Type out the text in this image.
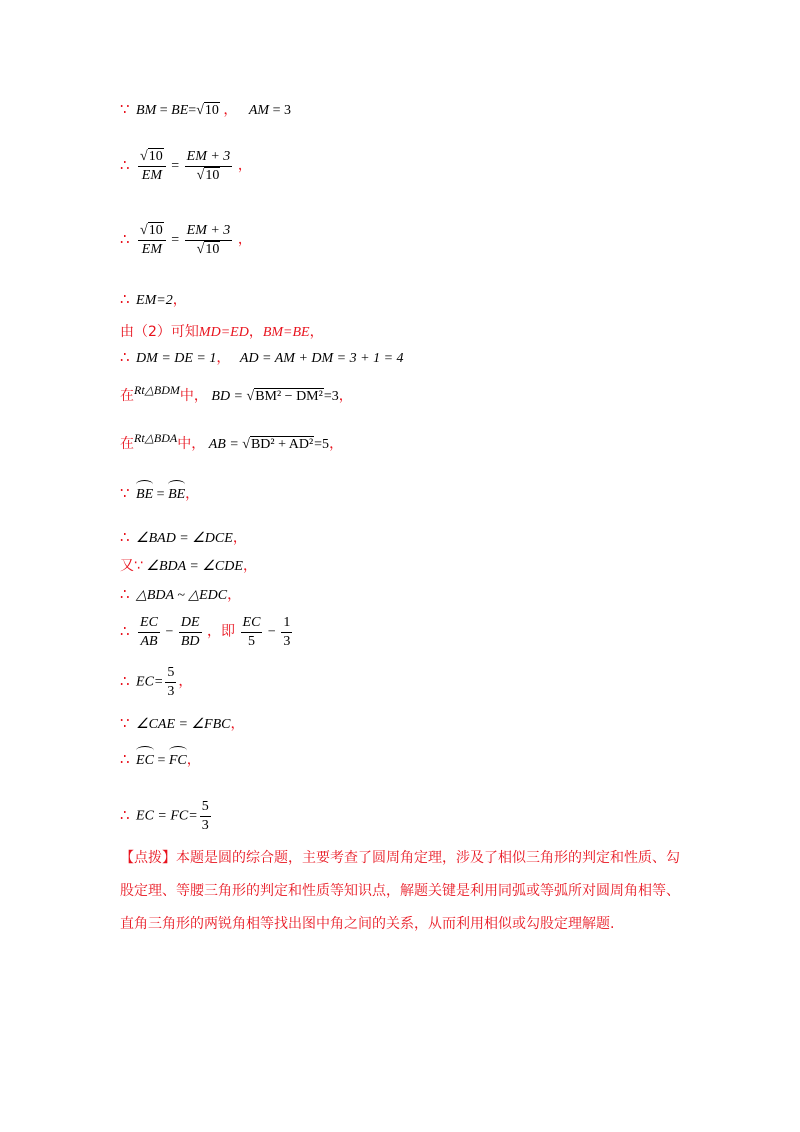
∵ BM = BE=√10 ， AM = 3
∴ $\frac{√10}{EM} = \frac{EM + 3}{√10}$ ，
∴ $\frac{√10}{EM} = \frac{EM + 3}{√10}$ ，
∴ EM=2，
由（2）可知MD=ED，BM=BE，
∴ DM = DE = 1， AD = AM + DM = 3 + 1 = 4
在Rt△BDM中， BD = √BM² − DM²=3，
在Rt△BDA中， AB = √BD² + AD²=5，
∵ BE = BE，
∴ ∠BAD = ∠DCE，
又∵ ∠BDA = ∠CDE，
∴ △BDA ~ △EDC，
∴ $\frac{EC}{AB} - \frac{DE}{BD}$ ，即 $\frac{EC}{5} - \frac{1}{3}$
∴ $EC= \frac{5}{3}$ ，
∵ ∠CAE = ∠FBC，
∴ EC = FC，
∴ EC = $FC= \frac{5}{3}$
【点拨】本题是圆的综合题，主要考查了圆周角定理，涉及了相似三角形的判定和性质、勾股定理、等腰三角形的判定和性质等知识点，解题关键是利用同弧或等弧所对圆周角相等、直角三角形的两锐角相等找出图中角之间的关系，从而利用相似或勾股定理解题.
